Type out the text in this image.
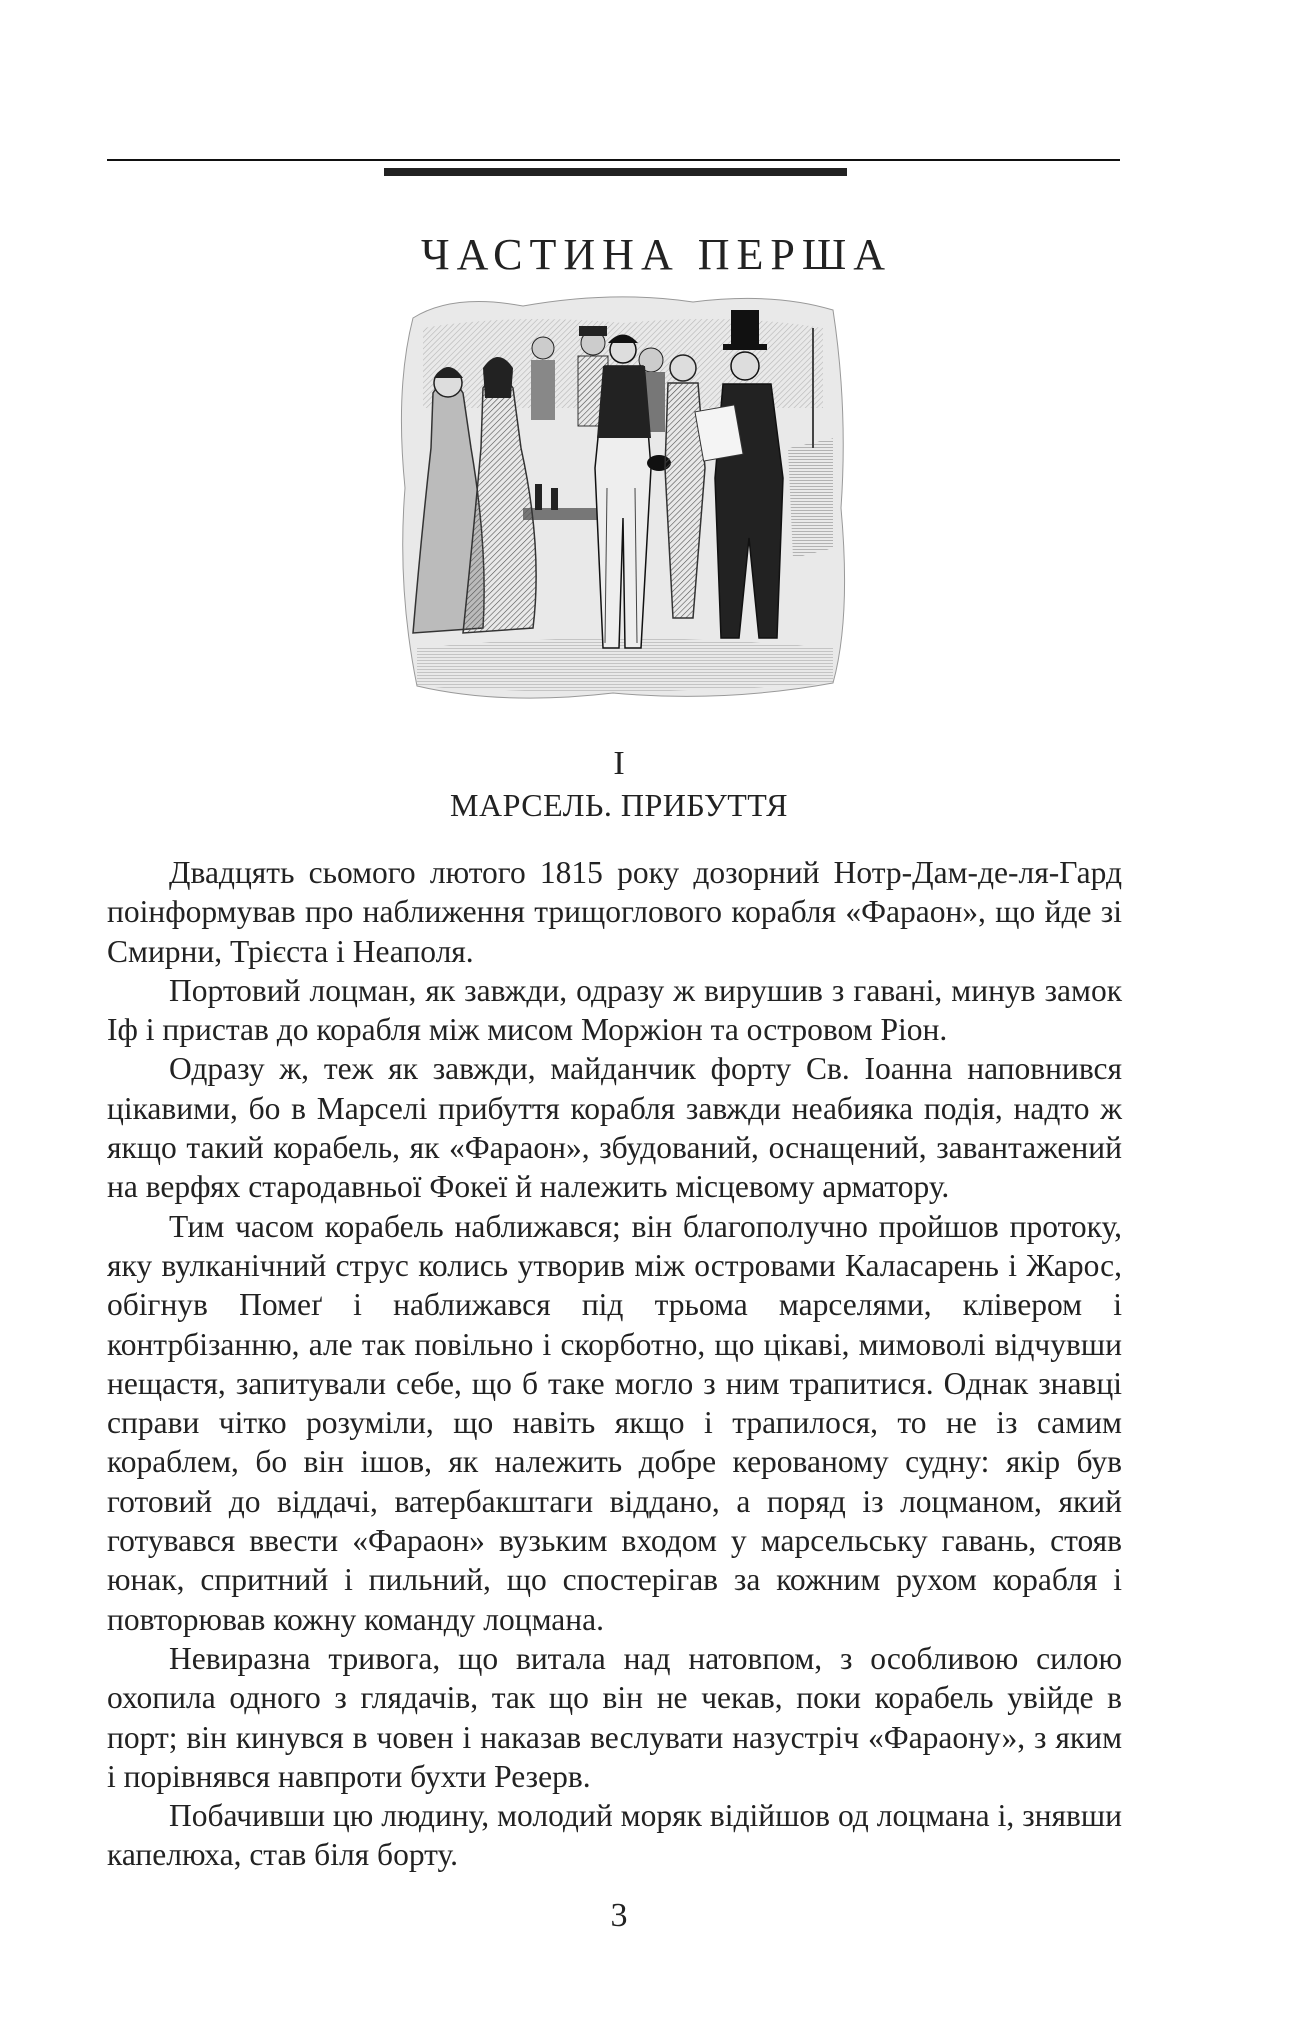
ЧАСТИНА ПЕРША
I
МАРСЕЛЬ. ПРИБУТТЯ

Двадцять сьомого лютого 1815 року дозорний Нотр-Дам-де-ля-Гард поінформував про наближення трищоглового корабля «Фараон», що йде зі Смирни, Трієста і Неаполя.

Портовий лоцман, як завжди, одразу ж вирушив з гавані, минув замок Іф і пристав до корабля між мисом Моржіон та островом Ріон.

Одразу ж, теж як завжди, майданчик форту Св. Іоанна наповнився цікавими, бо в Марселі прибуття корабля завжди неабияка подія, надто ж якщо такий корабель, як «Фараон», збудований, оснащений, завантажений на верфях стародавньої Фокеї й належить місцевому арматору.

Тим часом корабель наближався; він благополучно пройшов протоку, яку вулканічний струс колись утворив між островами Каласарень і Жарос, обігнув Помеґ і наближався під трьома марселями, клівером і контрбізанню, але так повільно і скорботно, що цікаві, мимоволі відчувши нещастя, запитували себе, що б таке могло з ним трапитися. Однак знавці справи чітко розуміли, що навіть якщо і трапилося, то не із самим кораблем, бо він ішов, як належить добре керованому судну: якір був готовий до віддачі, ватербакштаги віддано, а поряд із лоцманом, який готувався ввести «Фараон» вузьким входом у марсельську гавань, стояв юнак, спритний і пильний, що спостерігав за кожним рухом корабля і повторював кожну команду лоцмана.

Невиразна тривога, що витала над натовпом, з особливою силою охопила одного з глядачів, так що він не чекав, поки корабель увійде в порт; він кинувся в човен і наказав веслувати назустріч «Фараону», з яким і порівнявся навпроти бухти Резерв.

Побачивши цю людину, молодий моряк відійшов од лоцмана і, знявши капелюха, став біля борту.

3
